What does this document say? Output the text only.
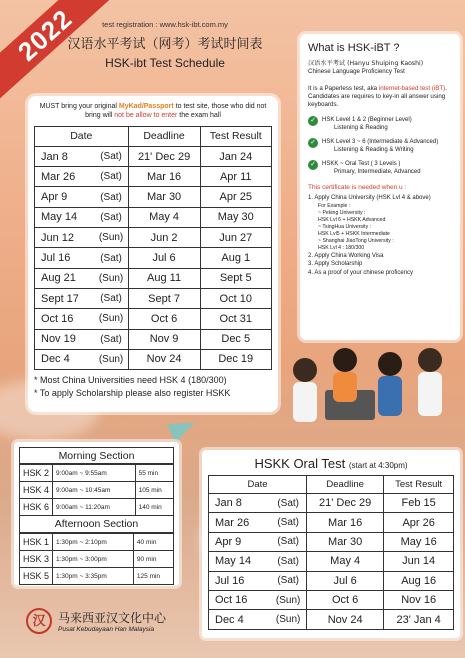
2022	test registration : www.hsk-ibt.com.my
汉语水平考试（网考）考试时间表
HSK-ibt Test Schedule
MUST bring your original MyKad/Passport to test site, those who did not bring will not be allow to enter the exam hall
Date		Deadline	Test Result
Jan 8	(Sat)	21' Dec 29	Jan 24
Mar 26	(Sat)	Mar 16	Apr 11
Apr 9	(Sat)	Mar 30	Apr 25
May 14	(Sat)	May 4	May 30
Jun 12	(Sun)	Jun 2	Jun 27
Jul 16	(Sat)	Jul 6	Aug 1
Aug 21	(Sun)	Aug 11	Sept 5
Sept 17	(Sat)	Sept 7	Oct 10
Oct 16	(Sun)	Oct 6	Oct 31
Nov 19	(Sat)	Nov 9	Dec 5
Dec 4	(Sun)	Nov 24	Dec 19
* Most China Universities need HSK 4 (180/300)
* To apply Scholarship please also register HSKK
What is HSK-iBT ?
汉语水平考试 (Hanyu Shuiping Kaoshi)
Chinese Language Proficiency Test
It is a Paperless test, aka internet-based test (iBT). Candidates are requires to key-in all answer using keyboards.
✓	HSK Level 1 & 2 (Beginner Level)
Listening & Reading
✓	HSK Level 3 ~ 6 (Intermediate & Advanced)
Listening & Reading & Writing
✓	HSKK ~ Oral Test ( 3 Levels )
Primary, Intermediate, Advanced
This certificate is needed when u :
1. Apply China University (HSK Lvl 4 & above)
For Example :
~ Peking University :
HSK Lvl 6 + HSKK Advanced
~ TsingHua University :
HSK Lvl5 + HSKK Intermediate
~ Shanghai JiaoTong University :
HSK Lvl 4 : 180/300
2. Apply China Working Visa
3. Apply Scholarship
4. As a proof of your chinese proficency
Morning Section
HSK 2	9:00am ~ 9:55am	55 min
HSK 4	9:00am ~ 10:45am	105 min
HSK 6	9:00am ~ 11:20am	140 min
Afternoon Section
HSK 1	1:30pm ~ 2:10pm	40 min
HSK 3	1:30pm ~ 3:00pm	90 min
HSK 5	1:30pm ~ 3:35pm	125 min
HSKK Oral Test (start at 4:30pm)
Date		Deadline	Test Result
Jan 8	(Sat)	21' Dec 29	Feb 15
Mar 26	(Sat)	Mar 16	Apr 26
Apr 9	(Sat)	Mar 30	May 16
May 14	(Sat)	May 4	Jun 14
Jul 16	(Sat)	Jul 6	Aug 16
Oct 16	(Sun)	Oct 6	Nov 16
Dec 4	(Sun)	Nov 24	23' Jan 4
汉	马来西亚汉文化中心
Pusat Kebudayaan Han Malaysia
